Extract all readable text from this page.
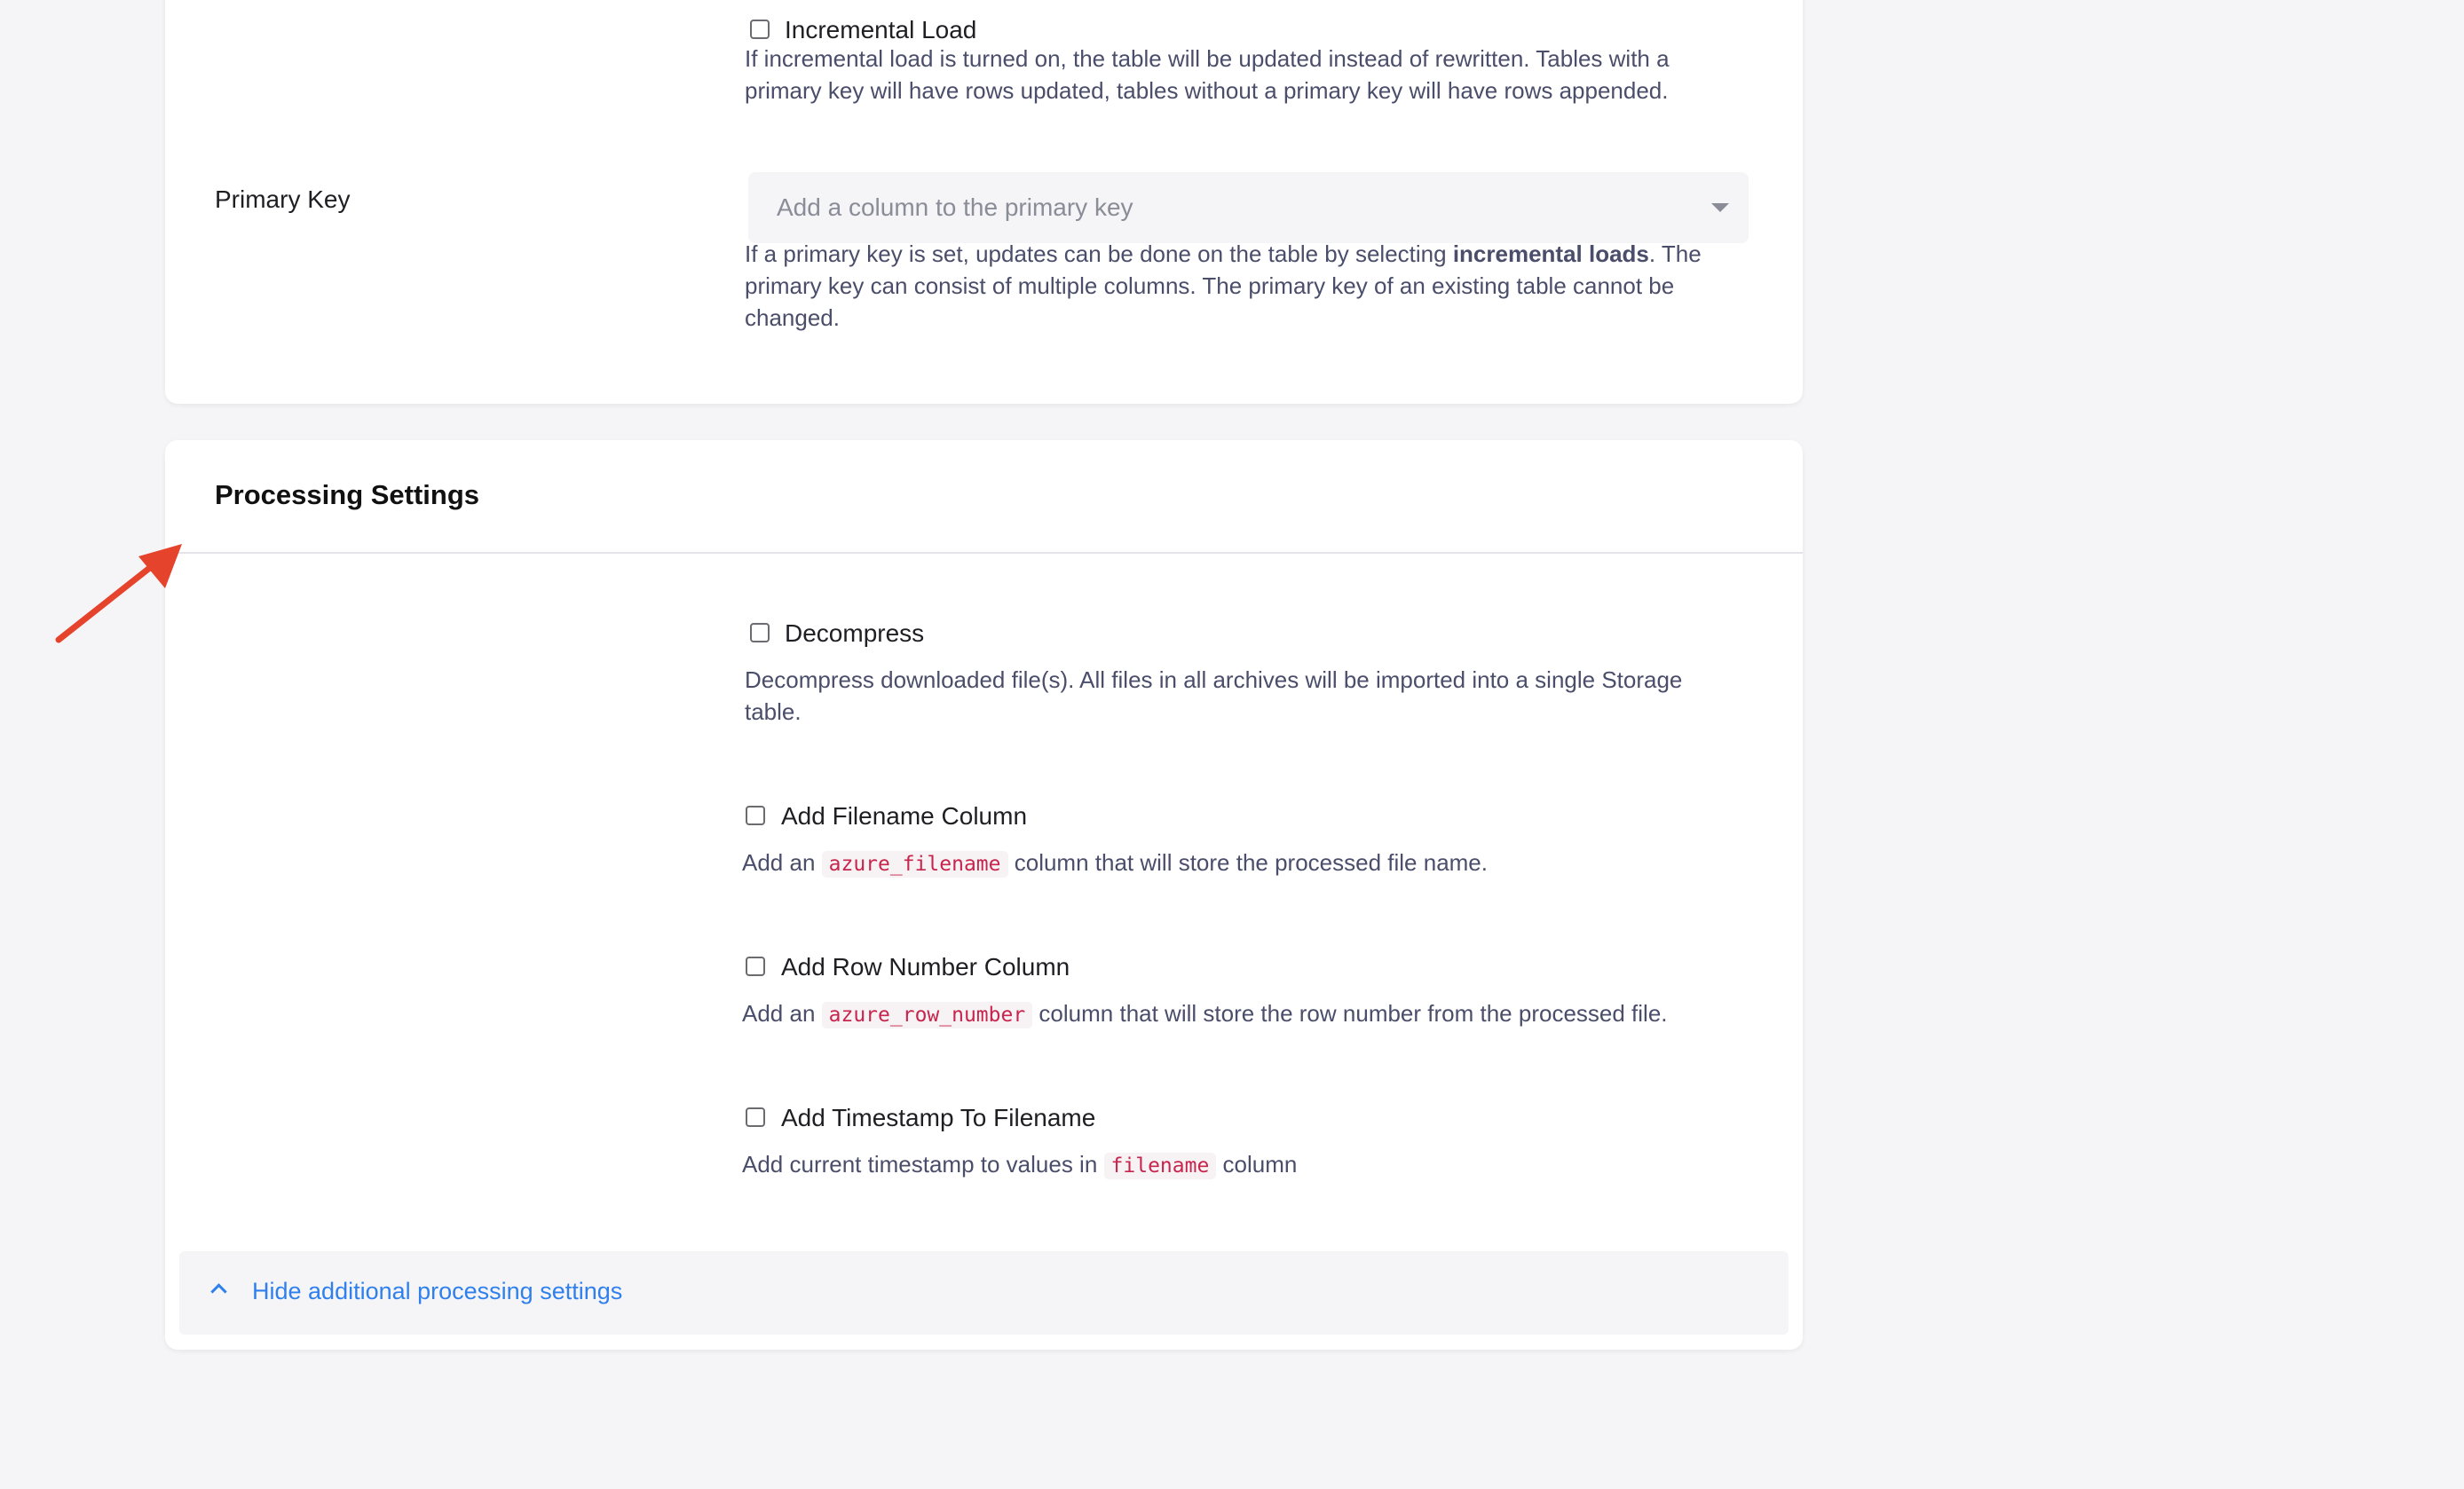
Incremental Load
If incremental load is turned on, the table will be updated instead of rewritten. Tables with a
primary key will have rows updated, tables without a primary key will have rows appended.
Primary Key	Add a column to the primary key
If a primary key is set, updates can be done on the table by selecting incremental loads. The
primary key can consist of multiple columns. The primary key of an existing table cannot be
changed.
Processing Settings
Decompress
Decompress downloaded file(s). All files in all archives will be imported into a single Storage
table.
Add Filename Column
Add an azure_filename column that will store the processed file name.
Add Row Number Column
Add an azure_row_number column that will store the row number from the processed file.
Add Timestamp To Filename
Add current timestamp to values in filename column
Hide additional processing settings
